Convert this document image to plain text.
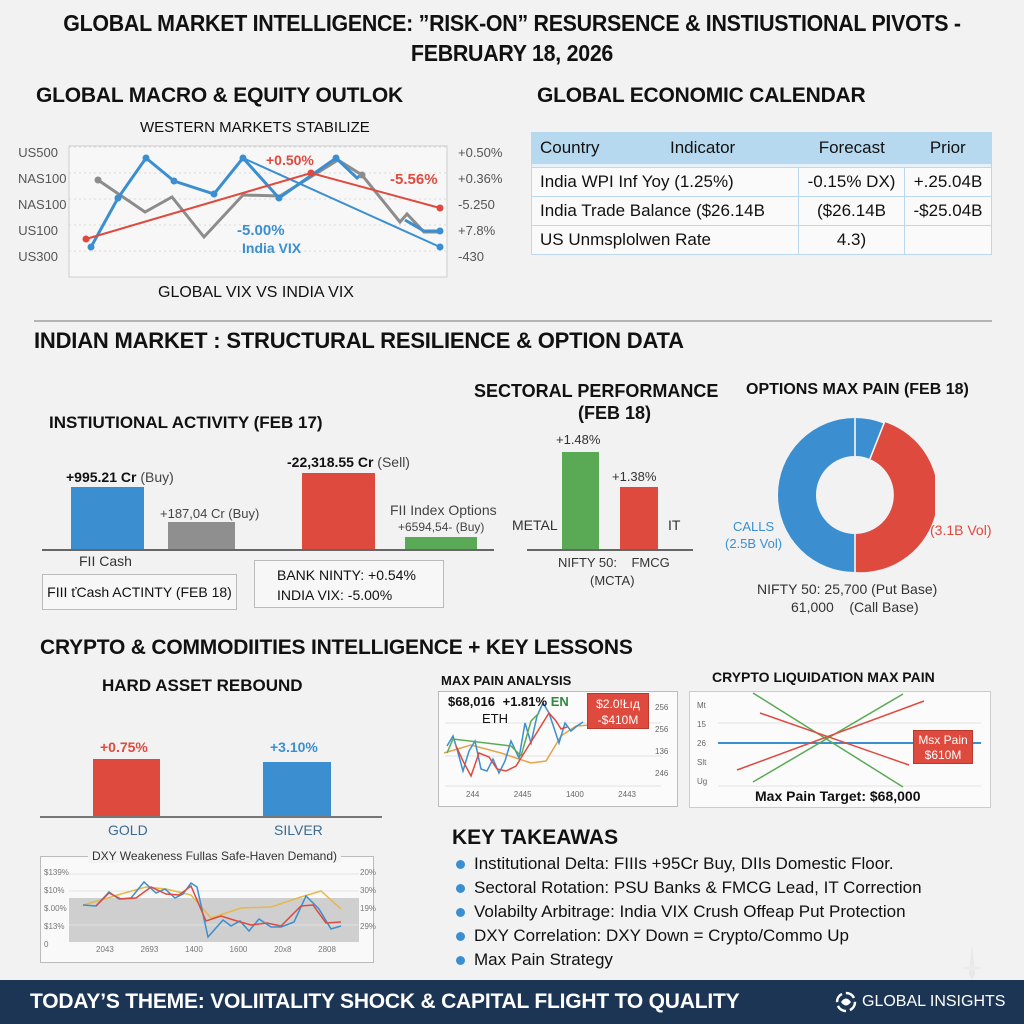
GLOBAL MARKET INTELLIGENCE: ”RISK-ON” RESURSENCE & INSTIUSTIONAL PIVOTS -
FEBRUARY 18, 2026
GLOBAL MACRO & EQUITY OUTLOK
WESTERN MARKETS STABILIZE
US500
NAS100
NAS100
US100
US300
+0.50%
+0.36%
-5.250
+7.8%
-430
+0.50%
-5.56%
-5.00%
India VIX
GLOBAL VIX VS INDIA VIX
GLOBAL ECONOMIC CALENDAR
Country	Indicator	Forecast	Prior

India WPI Inf Yoy (1.25%)		-0.15% DX)	+.25.04B
India Trade Balance ($26.14B		($26.14B	-$25.04B
US Unmsplolwen Rate		4.3)	
INDIAN MARKET : STRUCTURAL RESILIENCE & OPTION DATA
INSTIUTIONAL ACTIVITY (FEB 17)
+995.21 Cr (Buy)
+187,04 Cr (Buy)
-22,318.55 Cr (Sell)
FII Index Options
+6594,54- (Buy)
FII Cash
FIII ťCash ACTINTY (FEB 18)
BANK NINTY: +0.54%
INDIA VIX: -5.00%
SECTORAL PERFORMANCE
(FEB 18)
+1.48%
+1.38%
METAL	IT
NIFTY 50:    FMCG
(MCTA)
OPTIONS MAX PAIN (FEB 18)
CALLS
(2.5B Vol)
(3.1B Vol)
NIFTY 50: 25,700 (Put Base)
61,000    (Call Base)
CRYPTO & COMMODIITIES INTELLIGENCE + KEY LESSONS
HARD ASSET REBOUND
+0.75%	+3.10%
GOLD	SILVER
DXY Weakeness Fullas Safe-Haven Demand)
$139%
$10%
$.00%
$13%
0
20%
30%
19%
29%
2043	2693	1400	1600	20x8	2808
MAX PAIN ANALYSIS
$68,016 +1.81% EN
ETH
$2.0!Łıд
-$410M
256
256
136
246
244	2445	1400	2443
CRYPTO LIQUIDATION MAX PAIN
Mt
15
26
Slt
Ug
Msx Pain
$610M
Max Pain Target: $68,000
KEY TAKEAWAS
Institutional Delta: FIIIs +95Cr Buy, DIIs Domestic Floor.
Sectoral Rotation: PSU Banks & FMCG Lead, IT Correction
Volabilty Arbitrage: India VIX Crush Offeap Put Protection
DXY Correlation: DXY Down = Crypto/Commo Up
Max Pain Strategy
TODAY’S THEME: VOLIITALITY SHOCK & CAPITAL FLIGHT TO QUALITY	GLOBAL INSIGHTS
